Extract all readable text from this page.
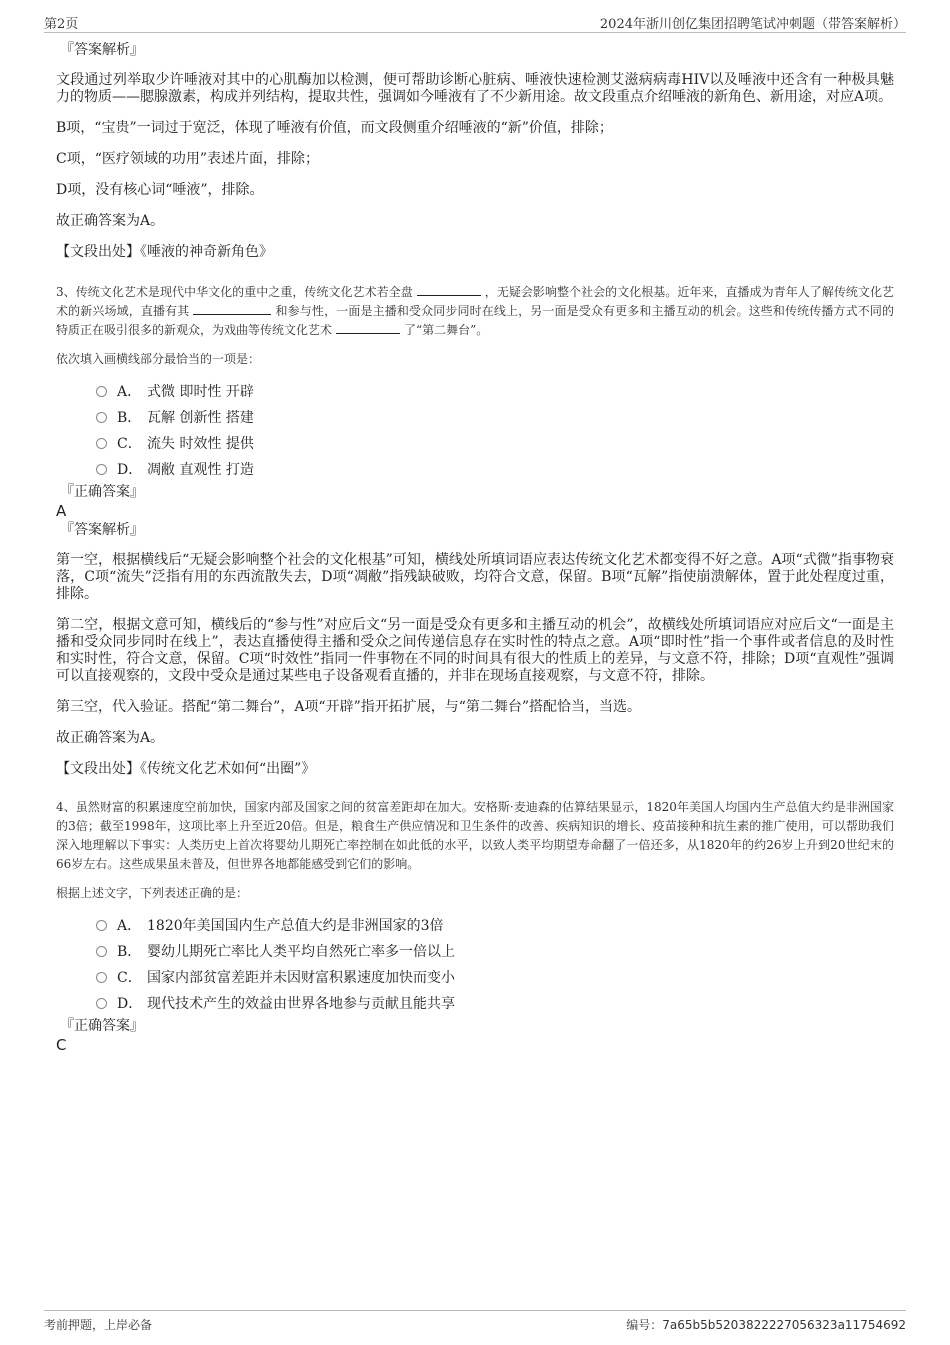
第2页	2024年浙川创亿集团招聘笔试冲刺题（带答案解析）
『答案解析』

文段通过列举取少许唾液对其中的心肌酶加以检测，便可帮助诊断心脏病、唾液快速检测艾滋病病毒HIV以及唾液中还含有一种极具魅力的物质——腮腺激素，构成并列结构，提取共性，强调如今唾液有了不少新用途。故文段重点介绍唾液的新角色、新用途，对应A项。

B项，“宝贵”一词过于宽泛，体现了唾液有价值，而文段侧重介绍唾液的“新”价值，排除；

C项，“医疗领域的功用”表述片面，排除；

D项，没有核心词“唾液”，排除。

故正确答案为A。

【文段出处】《唾液的神奇新角色》

3、传统文化艺术是现代中华文化的重中之重，传统文化艺术若全盘	，无疑会影响整个社会的文化根基。近年来，直播成为青年人了解传统文化艺术的新兴场域，直播有其	和参与性，一面是主播和受众同步同时在线上，另一面是受众有更多和主播互动的机会。这些和传统传播方式不同的特质正在吸引很多的新观众，为戏曲等传统文化艺术	了“第二舞台”。
依次填入画横线部分最恰当的一项是：
A． 式微 即时性 开辟
B． 瓦解 创新性 搭建
C． 流失 时效性 提供
D． 凋敝 直观性 打造
『正确答案』
A
『答案解析』

第一空，根据横线后“无疑会影响整个社会的文化根基”可知，横线处所填词语应表达传统文化艺术都变得不好之意。A项“式微”指事物衰落，C项“流失”泛指有用的东西流散失去，D项“凋敝”指残缺破败，均符合文意，保留。B项“瓦解”指使崩溃解体，置于此处程度过重，排除。

第二空，根据文意可知，横线后的“参与性”对应后文“另一面是受众有更多和主播互动的机会”，故横线处所填词语应对应后文“一面是主播和受众同步同时在线上”，表达直播使得主播和受众之间传递信息存在实时性的特点之意。A项“即时性”指一个事件或者信息的及时性和实时性，符合文意，保留。C项“时效性”指同一件事物在不同的时间具有很大的性质上的差异，与文意不符，排除；D项“直观性”强调可以直接观察的，文段中受众是通过某些电子设备观看直播的，并非在现场直接观察，与文意不符，排除。

第三空，代入验证。搭配“第二舞台”，A项“开辟”指开拓扩展，与“第二舞台”搭配恰当，当选。

故正确答案为A。

【文段出处】《传统文化艺术如何“出圈”》

4、虽然财富的积累速度空前加快，国家内部及国家之间的贫富差距却在加大。安格斯·麦迪森的估算结果显示，1820年美国人均国内生产总值大约是非洲国家的3倍；截至1998年，这项比率上升至近20倍。但是，粮食生产供应情况和卫生条件的改善、疾病知识的增长、疫苗接种和抗生素的推广使用，可以帮助我们深入地理解以下事实：人类历史上首次将婴幼儿期死亡率控制在如此低的水平，以致人类平均期望寿命翻了一倍还多，从1820年的约26岁上升到20世纪末的66岁左右。这些成果虽未普及，但世界各地都能感受到它们的影响。
根据上述文字，下列表述正确的是：
A． 1820年美国国内生产总值大约是非洲国家的3倍
B． 婴幼儿期死亡率比人类平均自然死亡率多一倍以上
C． 国家内部贫富差距并未因财富积累速度加快而变小
D． 现代技术产生的效益由世界各地参与贡献且能共享
『正确答案』
C
考前押题，上岸必备	编号：7a65b5b5203822227056323a11754692
